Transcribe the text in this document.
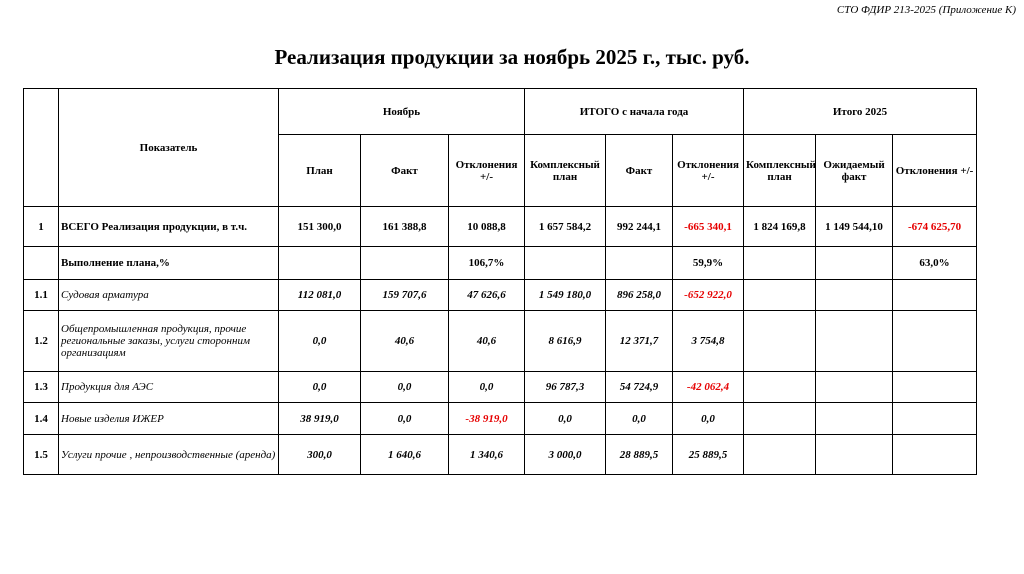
СТО ФДИР 213-2025 (Приложение К)
Реализация продукции за ноябрь 2025 г., тыс. руб.
	Показатель	Ноябрь			ИТОГО с начала года			Итого 2025		
		План	Факт	Отклонения +/-	Комплексный план	Факт	Отклонения +/-	Комплексный план	Ожидаемый факт	Отклонения +/-
1	ВСЕГО Реализация продукции, в т.ч.	151 300,0	161 388,8	10 088,8	1 657 584,2	992 244,1	-665 340,1	1 824 169,8	1 149 544,10	-674 625,70
	Выполнение плана,%			106,7%			59,9%			63,0%
1.1	Судовая арматура	112 081,0	159 707,6	47 626,6	1 549 180,0	896 258,0	-652 922,0			
1.2	Общепромышленная продукция, прочие региональные заказы, услуги сторонним организациям	0,0	40,6	40,6	8 616,9	12 371,7	3 754,8			
1.3	Продукция для АЭС	0,0	0,0	0,0	96 787,3	54 724,9	-42 062,4			
1.4	Новые изделия ИЖЕР	38 919,0	0,0	-38 919,0	0,0	0,0	0,0			
1.5	Услуги прочие , непроизводственные (аренда)	300,0	1 640,6	1 340,6	3 000,0	28 889,5	25 889,5			
